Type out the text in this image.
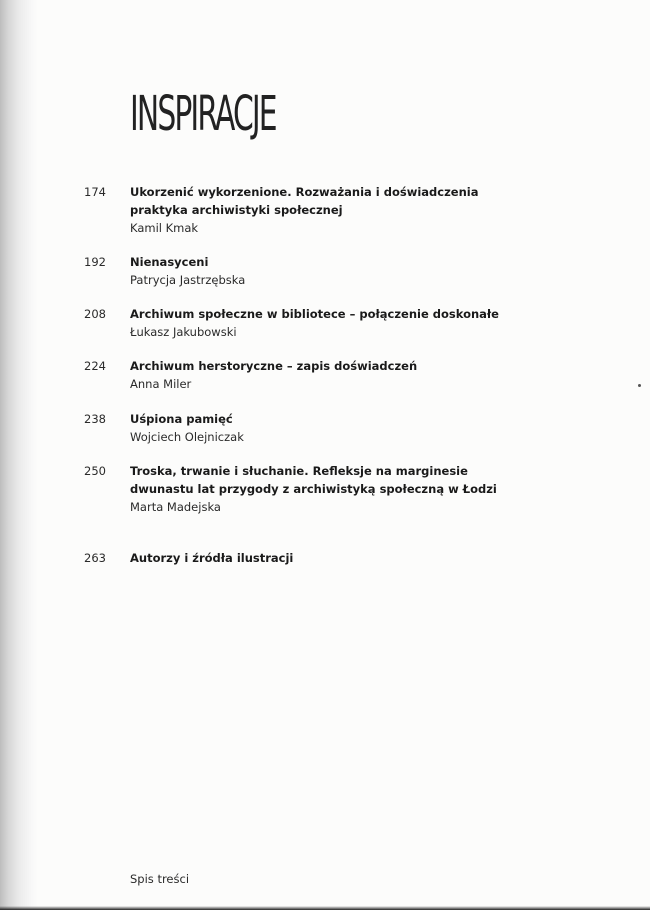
INSPIRACJE
174 Ukorzenić wykorzenione. Rozważania i doświadczenia
praktyka archiwistyki społecznej
Kamil Kmak
192 Nienasyceni
Patrycja Jastrzębska
208 Archiwum społeczne w bibliotece – połączenie doskonałe
Łukasz Jakubowski
224 Archiwum herstoryczne – zapis doświadczeń
Anna Miler
238 Uśpiona pamięć
Wojciech Olejniczak
250 Troska, trwanie i słuchanie. Refleksje na marginesie
dwunastu lat przygody z archiwistyką społeczną w Łodzi
Marta Madejska
263 Autorzy i źródła ilustracji
Spis treści
